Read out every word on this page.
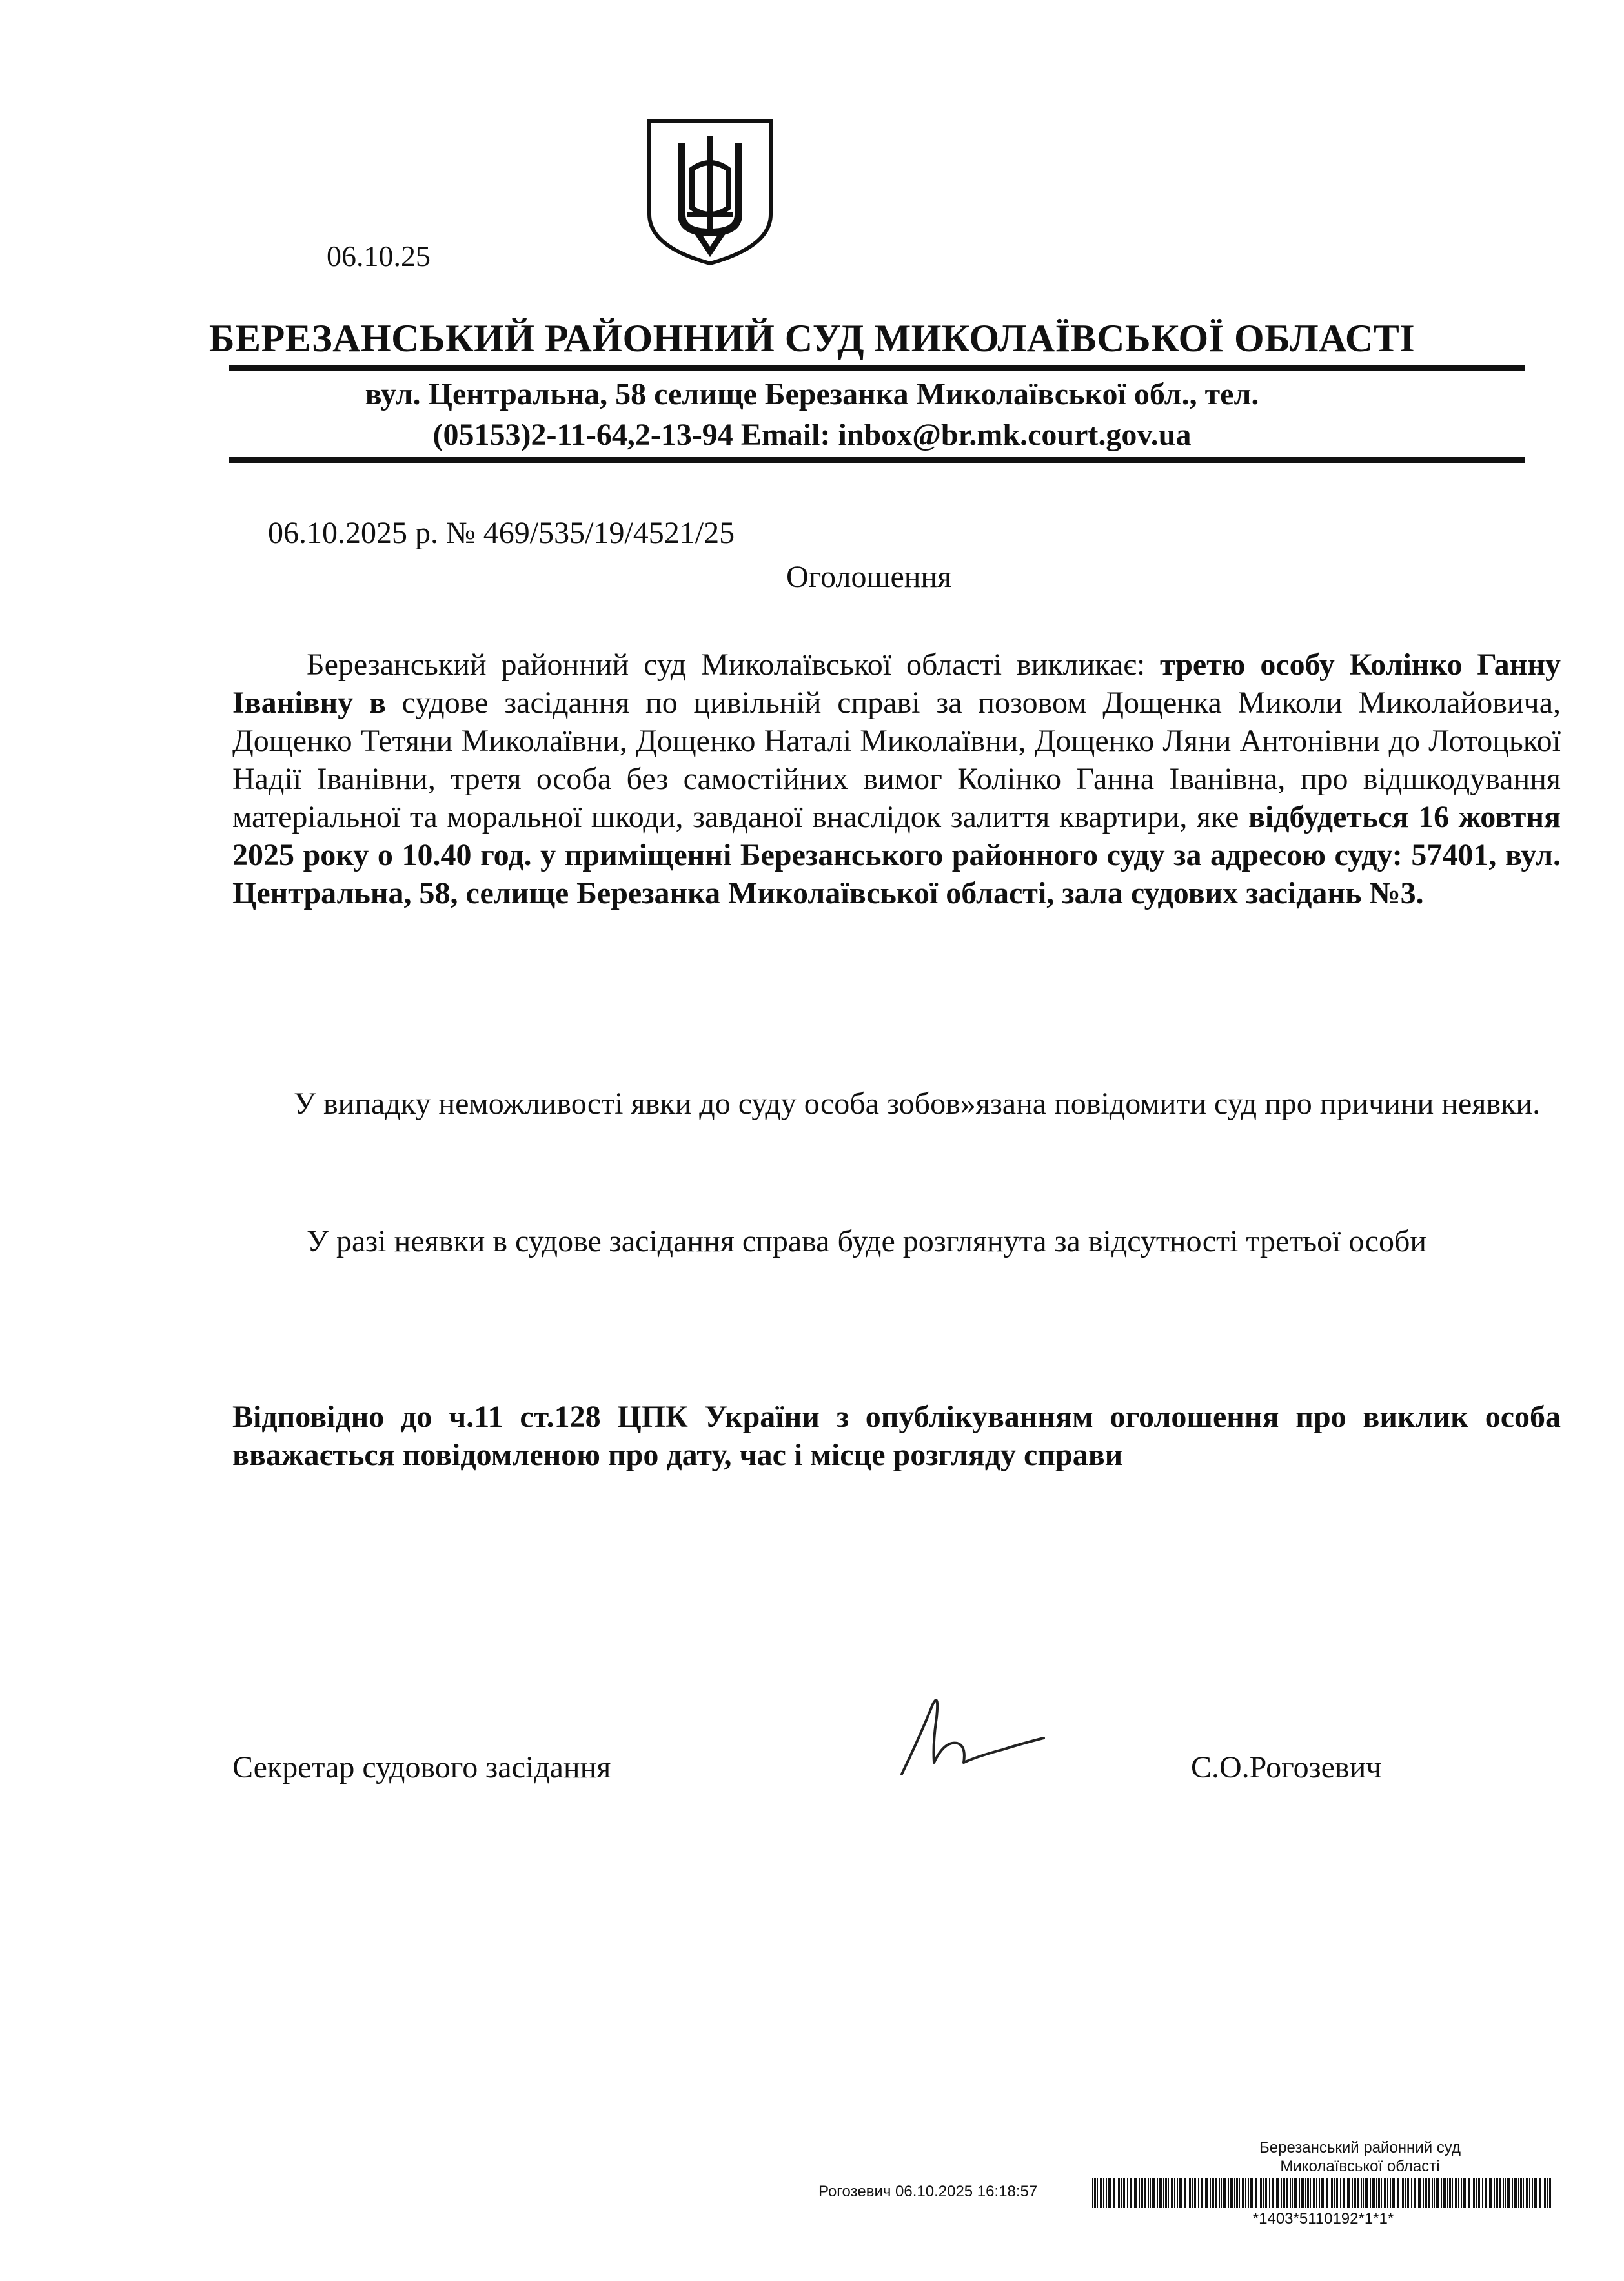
06.10.25
БЕРЕЗАНСЬКИЙ РАЙОННИЙ СУД МИКОЛАЇВСЬКОЇ ОБЛАСТІ
вул. Центральна, 58 селище Березанка Миколаївської обл., тел.
(05153)2-11-64,2-13-94 Email: inbox@br.mk.court.gov.ua
06.10.2025 р. № 469/535/19/4521/25
Оголошення
Березанський районний суд Миколаївської області викликає: третю особу Колінко Ганну Іванівну в судове засідання по цивільній справі за позовом Дощенка Миколи Миколайовича, Дощенко Тетяни Миколаївни, Дощенко Наталі Миколаївни, Дощенко Ляни Антонівни до Лотоцької Надії Іванівни, третя особа без самостійних вимог Колінко Ганна Іванівна, про відшкодування матеріальної та моральної шкоди, завданої внаслідок залиття квартири, яке відбудеться 16 жовтня 2025 року о 10.40 год. у приміщенні Березанського районного суду за адресою суду: 57401, вул. Центральна, 58, селище Березанка Миколаївської області, зала судових засідань №3.
У випадку неможливості явки до суду особа зобов»язана повідомити суд про причини неявки.
У разі неявки в судове засідання справа буде розглянута за відсутності третьої особи
Відповідно до ч.11 ст.128 ЦПК України з опублікуванням оголошення про виклик особа вважається повідомленою про дату, час і місце розгляду справи
Секретар судового засідання	С.О.Рогозевич
Березанський районний суд
Миколаївської області
Рогозевич 06.10.2025 16:18:57
*1403*5110192*1*1*
